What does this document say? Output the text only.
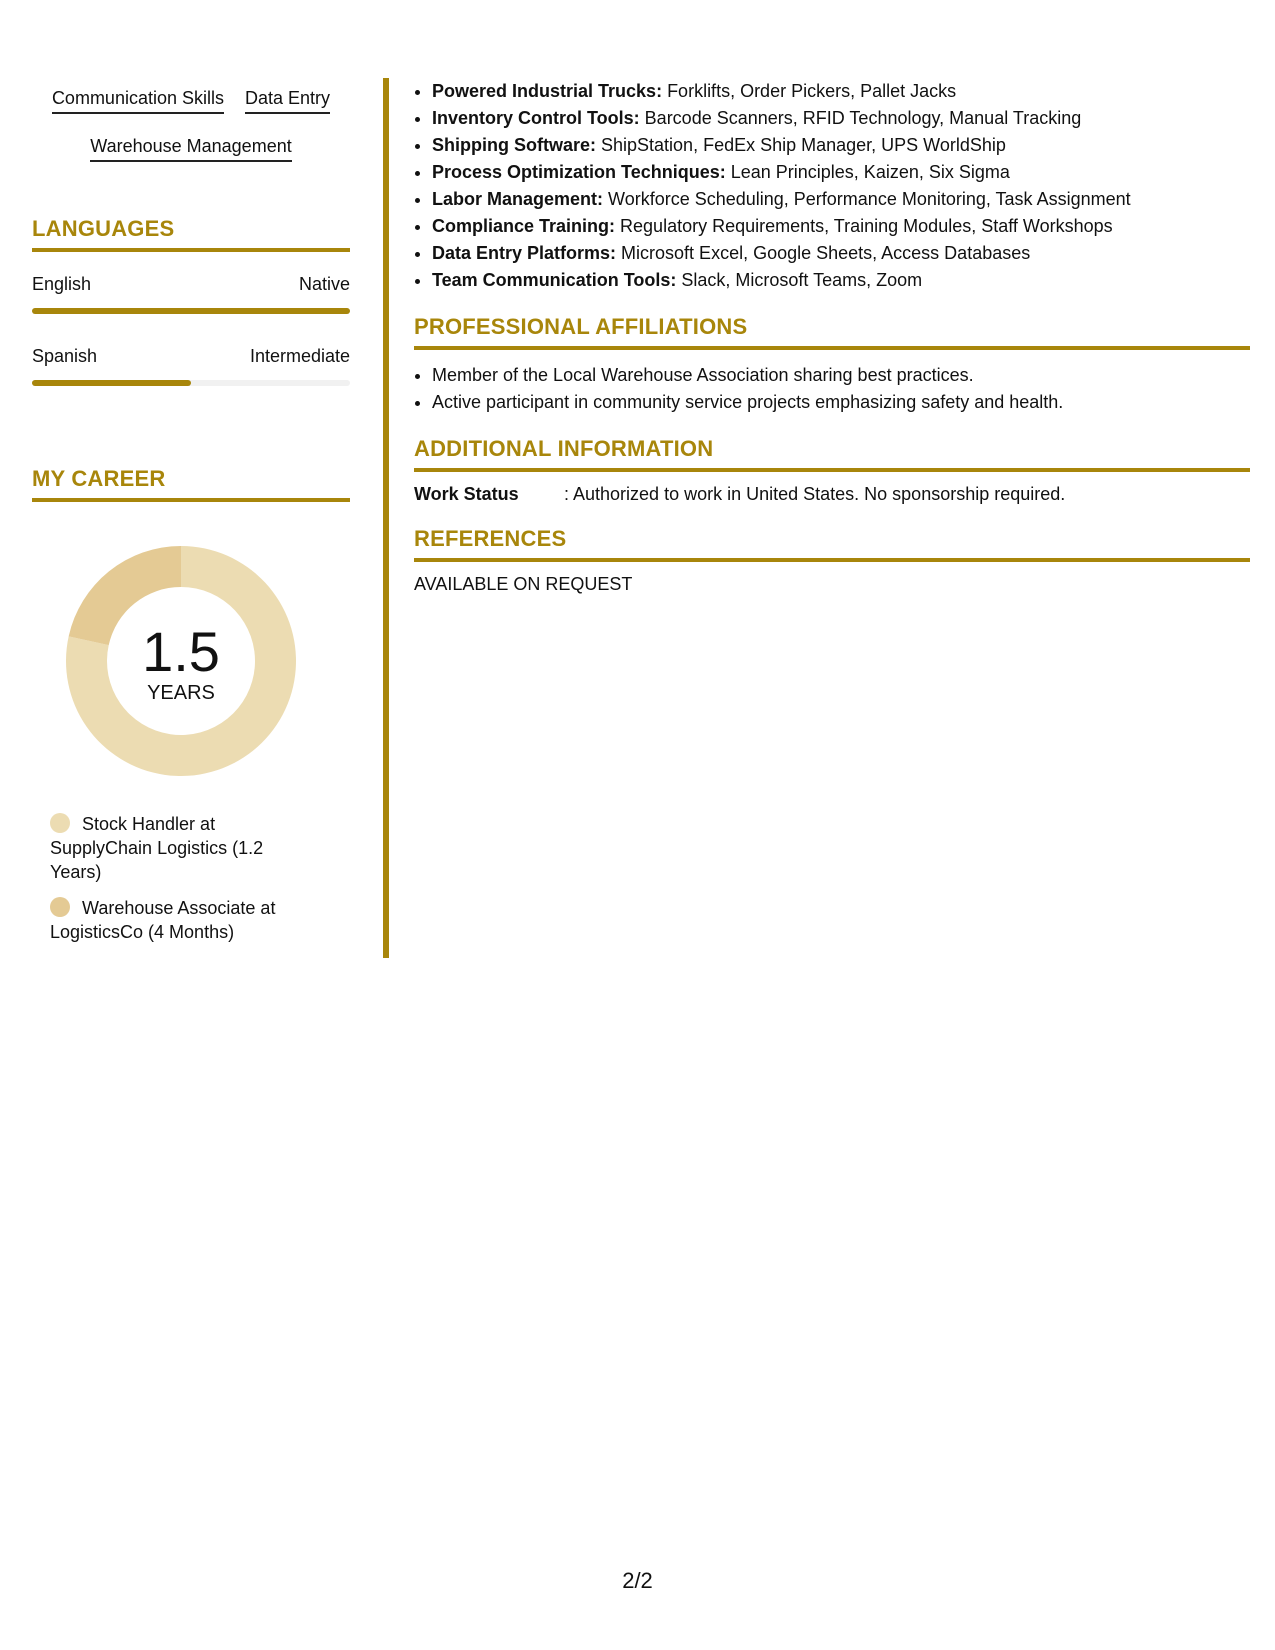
Communication Skills Data Entry
Warehouse Management
LANGUAGES
English	Native
Spanish	Intermediate
MY CAREER
1.5
YEARS
Stock Handler at SupplyChain Logistics (1.2 Years)
Warehouse Associate at LogisticsCo (4 Months)
• Powered Industrial Trucks: Forklifts, Order Pickers, Pallet Jacks
• Inventory Control Tools: Barcode Scanners, RFID Technology, Manual Tracking
• Shipping Software: ShipStation, FedEx Ship Manager, UPS WorldShip
• Process Optimization Techniques: Lean Principles, Kaizen, Six Sigma
• Labor Management: Workforce Scheduling, Performance Monitoring, Task Assignment
• Compliance Training: Regulatory Requirements, Training Modules, Staff Workshops
• Data Entry Platforms: Microsoft Excel, Google Sheets, Access Databases
• Team Communication Tools: Slack, Microsoft Teams, Zoom
PROFESSIONAL AFFILIATIONS
• Member of the Local Warehouse Association sharing best practices.
• Active participant in community service projects emphasizing safety and health.
ADDITIONAL INFORMATION
Work Status	: Authorized to work in United States. No sponsorship required.
REFERENCES
AVAILABLE ON REQUEST
2/2
